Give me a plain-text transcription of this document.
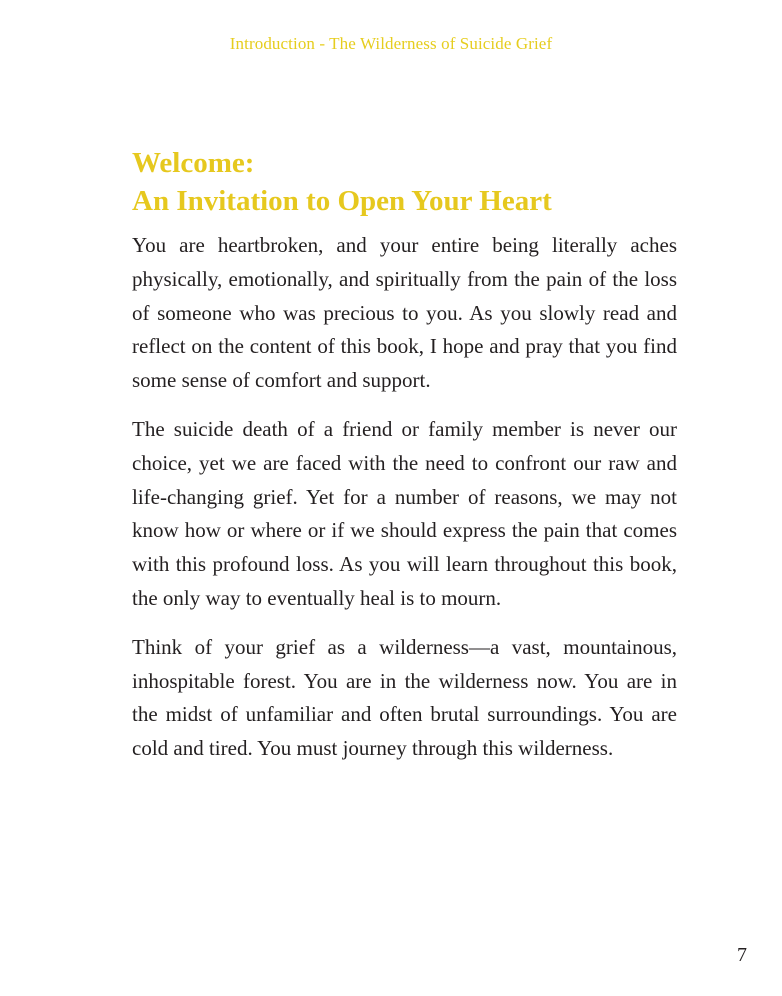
Introduction - The Wilderness of Suicide Grief
Welcome:
An Invitation to Open Your Heart

You are heartbroken, and your entire being literally aches physically, emotionally, and spiritually from the pain of the loss of someone who was precious to you. As you slowly read and reflect on the content of this book, I hope and pray that you find some sense of comfort and support.

The suicide death of a friend or family member is never our choice, yet we are faced with the need to confront our raw and life-changing grief. Yet for a number of reasons, we may not know how or where or if we should express the pain that comes with this profound loss. As you will learn throughout this book, the only way to eventually heal is to mourn.

Think of your grief as a wilderness—a vast, mountainous, inhospitable forest. You are in the wilderness now. You are in the midst of unfamiliar and often brutal surroundings. You are cold and tired. You must journey through this wilderness.

7
